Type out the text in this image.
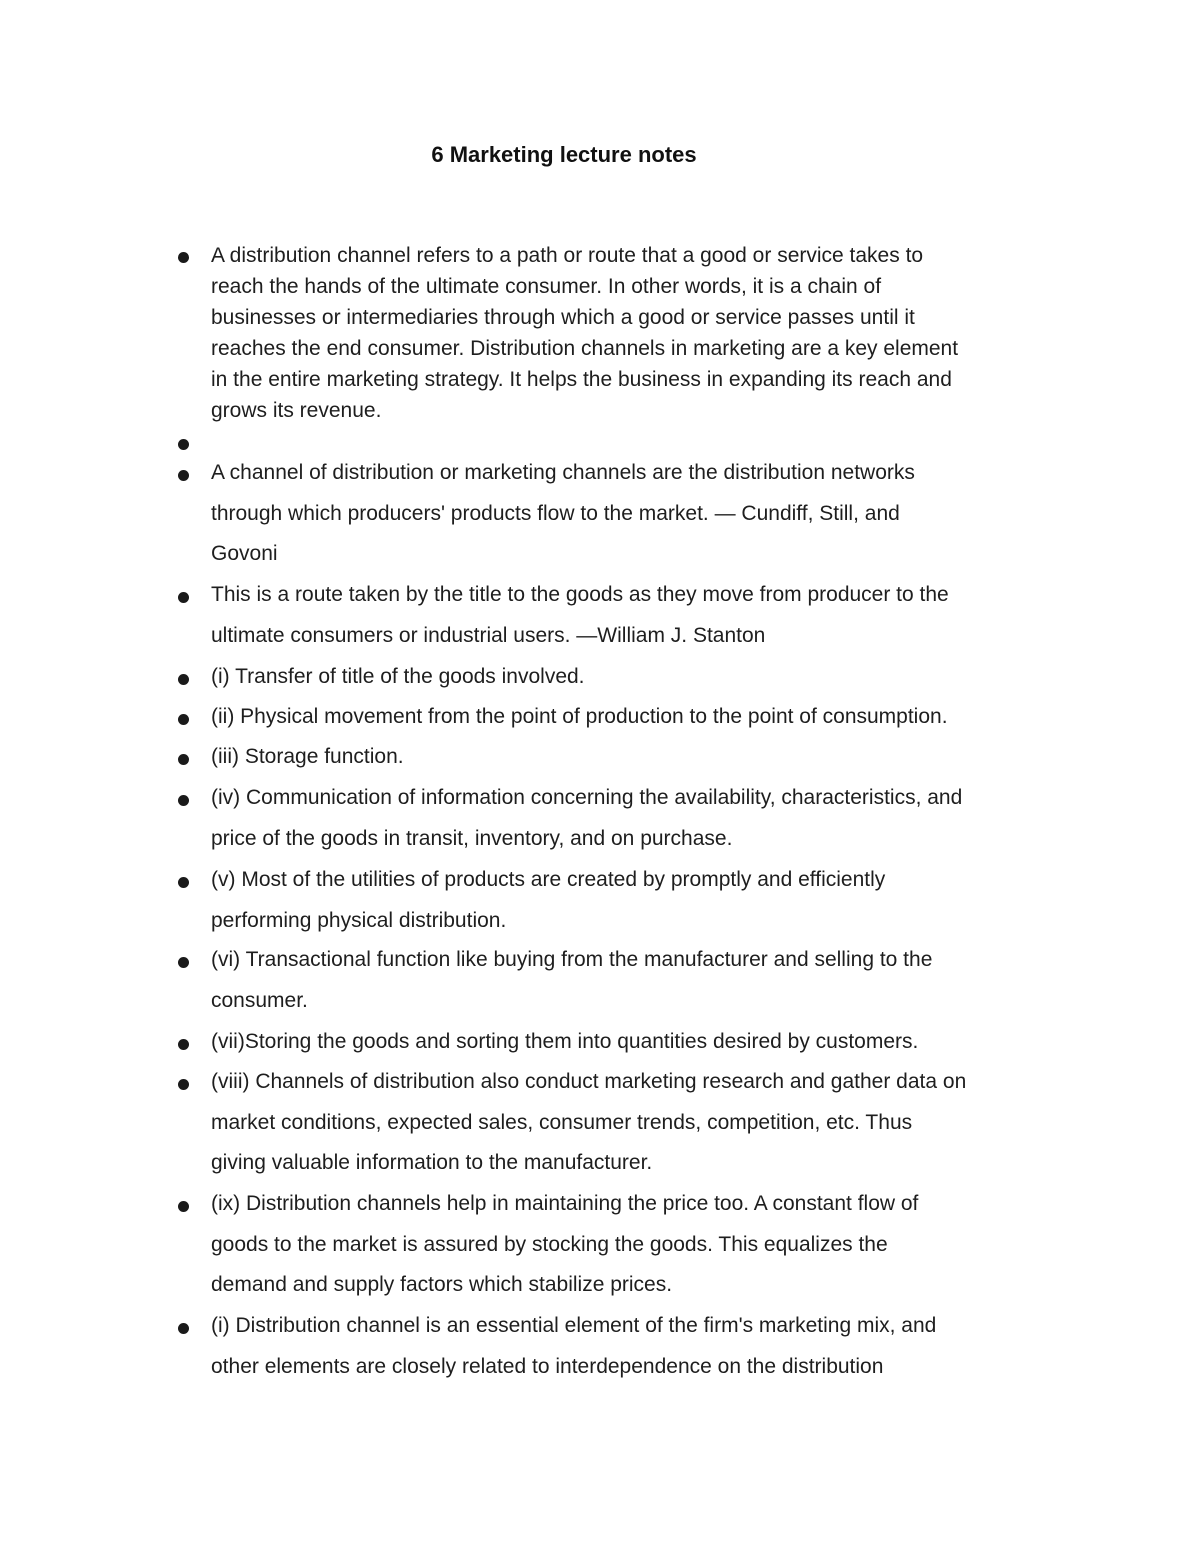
6 Marketing lecture notes
A distribution channel refers to a path or route that a good or service takes to
reach the hands of the ultimate consumer. In other words, it is a chain of
businesses or intermediaries through which a good or service passes until it
reaches the end consumer. Distribution channels in marketing are a key element
in the entire marketing strategy. It helps the business in expanding its reach and
grows its revenue.
A channel of distribution or marketing channels are the distribution networks
through which producers' products flow to the market. — Cundiff, Still, and
Govoni
This is a route taken by the title to the goods as they move from producer to the
ultimate consumers or industrial users. —William J. Stanton
(i) Transfer of title of the goods involved.
(ii) Physical movement from the point of production to the point of consumption.
(iii) Storage function.
(iv) Communication of information concerning the availability, characteristics, and
price of the goods in transit, inventory, and on purchase.
(v) Most of the utilities of products are created by promptly and efficiently
performing physical distribution.
(vi) Transactional function like buying from the manufacturer and selling to the
consumer.
(vii)Storing the goods and sorting them into quantities desired by customers.
(viii) Channels of distribution also conduct marketing research and gather data on
market conditions, expected sales, consumer trends, competition, etc. Thus
giving valuable information to the manufacturer.
(ix) Distribution channels help in maintaining the price too. A constant flow of
goods to the market is assured by stocking the goods. This equalizes the
demand and supply factors which stabilize prices.
(i) Distribution channel is an essential element of the firm's marketing mix, and
other elements are closely related to interdependence on the distribution
